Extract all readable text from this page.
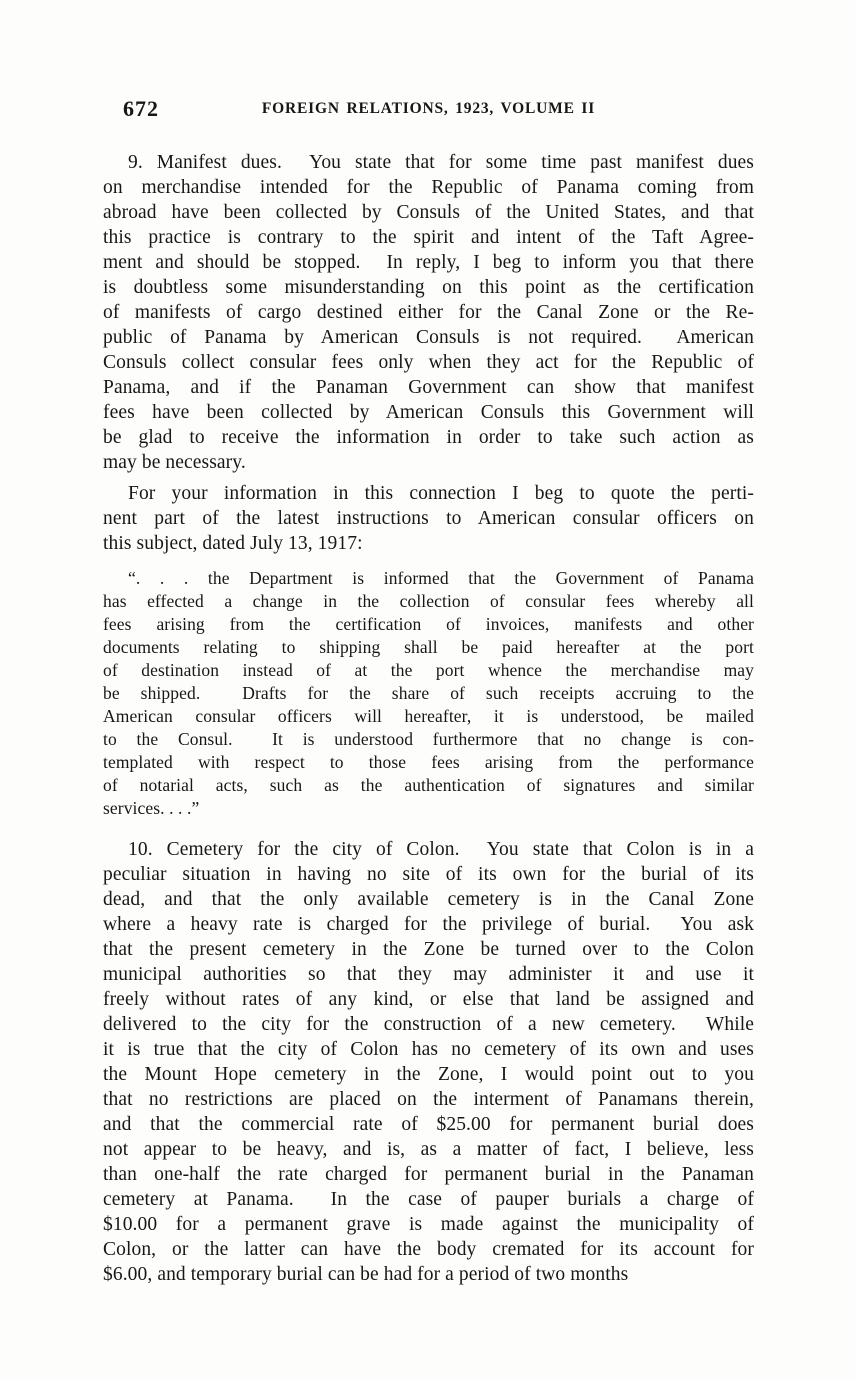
672	FOREIGN RELATIONS, 1923, VOLUME II
9. Manifest dues.  You state that for some time past manifest dues
on merchandise intended for the Republic of Panama coming from
abroad have been collected by Consuls of the United States, and that
this practice is contrary to the spirit and intent of the Taft Agree-
ment and should be stopped.  In reply, I beg to inform you that there
is doubtless some misunderstanding on this point as the certification
of manifests of cargo destined either for the Canal Zone or the Re-
public of Panama by American Consuls is not required.  American
Consuls collect consular fees only when they act for the Republic of
Panama, and if the Panaman Government can show that manifest
fees have been collected by American Consuls this Government will
be glad to receive the information in order to take such action as
may be necessary.
For your information in this connection I beg to quote the perti-
nent part of the latest instructions to American consular officers on
this subject, dated July 13, 1917:
“. . . the Department is informed that the Government of Panama
has effected a change in the collection of consular fees whereby all
fees arising from the certification of invoices, manifests and other
documents relating to shipping shall be paid hereafter at the port
of destination instead of at the port whence the merchandise may
be shipped.  Drafts for the share of such receipts accruing to the
American consular officers will hereafter, it is understood, be mailed
to the Consul.  It is understood furthermore that no change is con-
templated with respect to those fees arising from the performance
of notarial acts, such as the authentication of signatures and similar
services. . . .”
10. Cemetery for the city of Colon.  You state that Colon is in a
peculiar situation in having no site of its own for the burial of its
dead, and that the only available cemetery is in the Canal Zone
where a heavy rate is charged for the privilege of burial.  You ask
that the present cemetery in the Zone be turned over to the Colon
municipal authorities so that they may administer it and use it
freely without rates of any kind, or else that land be assigned and
delivered to the city for the construction of a new cemetery.  While
it is true that the city of Colon has no cemetery of its own and uses
the Mount Hope cemetery in the Zone, I would point out to you
that no restrictions are placed on the interment of Panamans therein,
and that the commercial rate of $25.00 for permanent burial does
not appear to be heavy, and is, as a matter of fact, I believe, less
than one-half the rate charged for permanent burial in the Panaman
cemetery at Panama.  In the case of pauper burials a charge of
$10.00 for a permanent grave is made against the municipality of
Colon, or the latter can have the body cremated for its account for
$6.00, and temporary burial can be had for a period of two months
